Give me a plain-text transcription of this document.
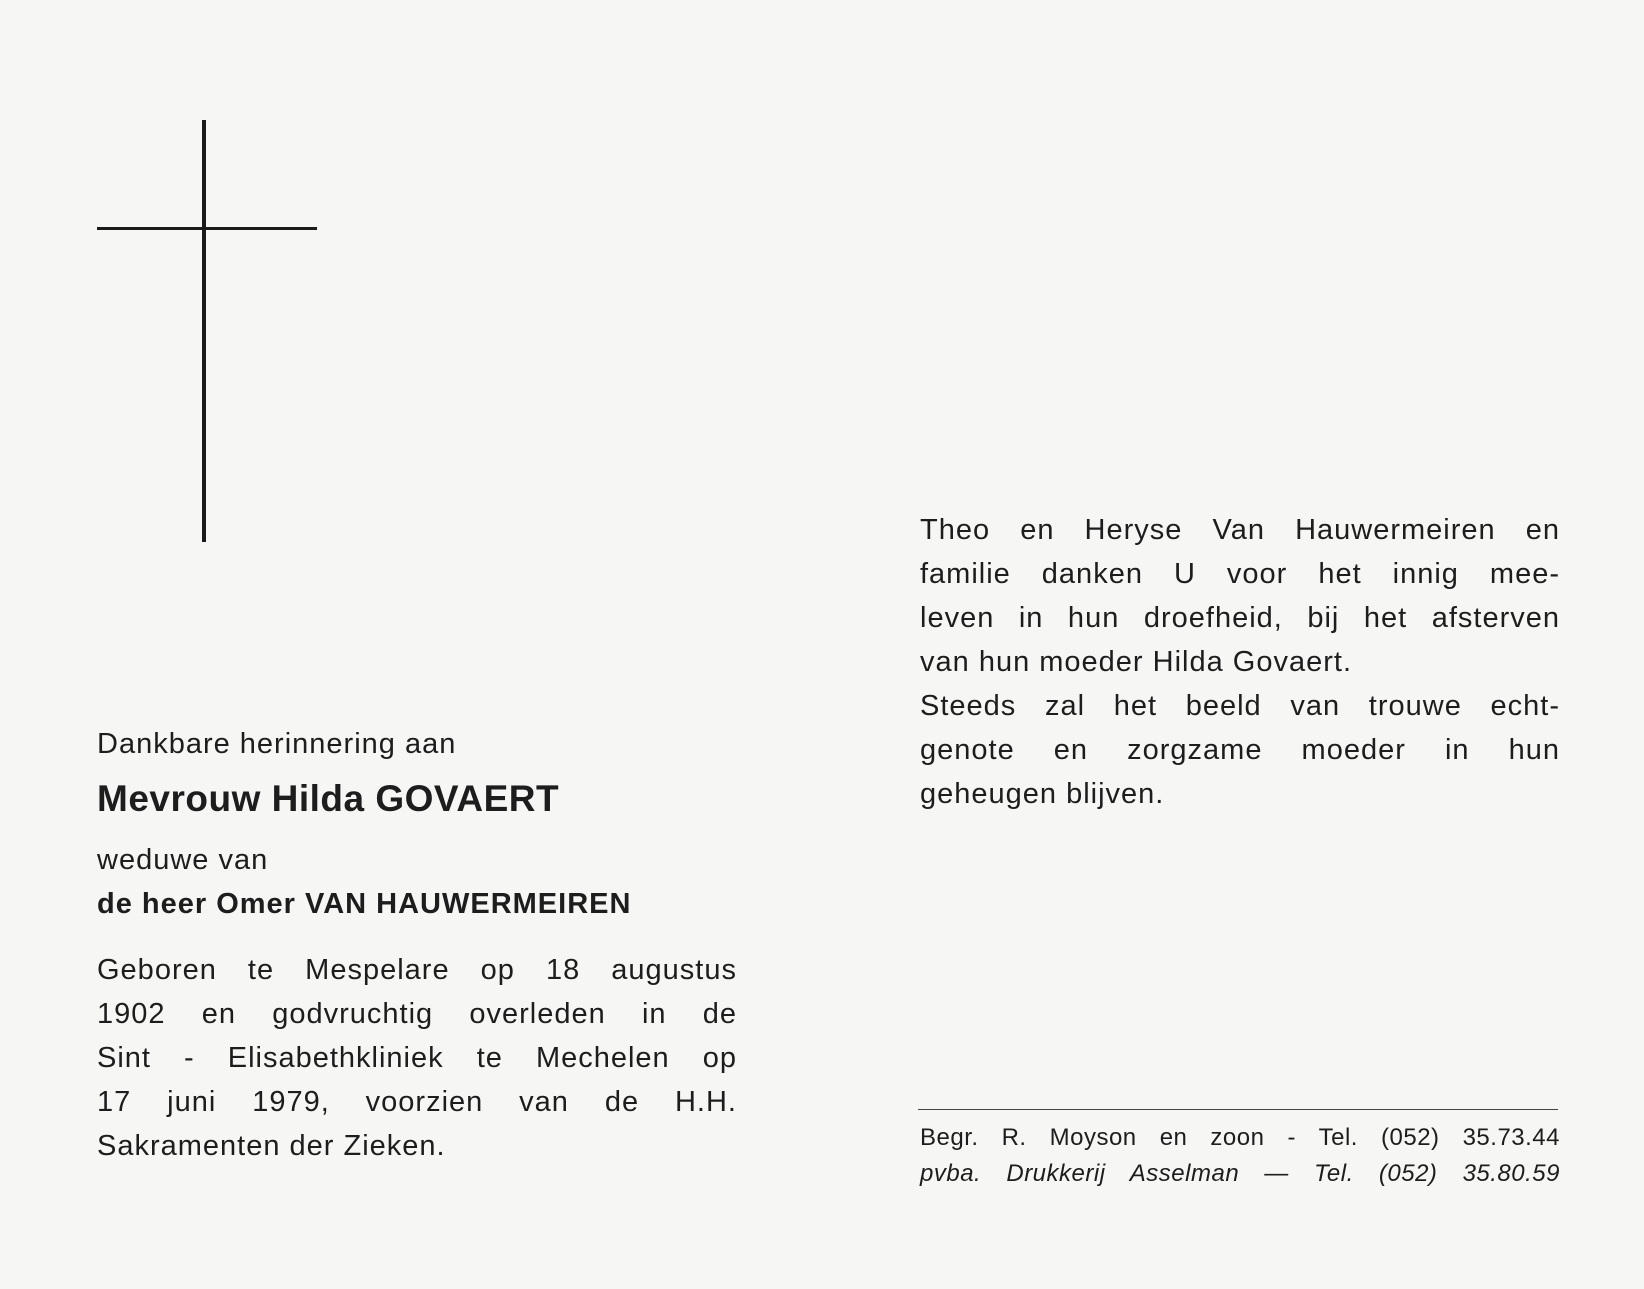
Dankbare herinnering aan
Mevrouw Hilda GOVAERT
weduwe van
de heer Omer VAN HAUWERMEIREN
Geboren te Mespelare op 18 augustus
1902 en godvruchtig overleden in de
Sint - Elisabethkliniek te Mechelen op
17 juni 1979, voorzien van de H.H.
Sakramenten der Zieken.
Theo en Heryse Van Hauwermeiren en
familie danken U voor het innig mee-
leven in hun droefheid, bij het afsterven
van hun moeder Hilda Govaert.
Steeds zal het beeld van trouwe echt-
genote en zorgzame moeder in hun
geheugen blijven.
Begr. R. Moyson en zoon - Tel. (052) 35.73.44
pvba. Drukkerij Asselman — Tel. (052) 35.80.59
